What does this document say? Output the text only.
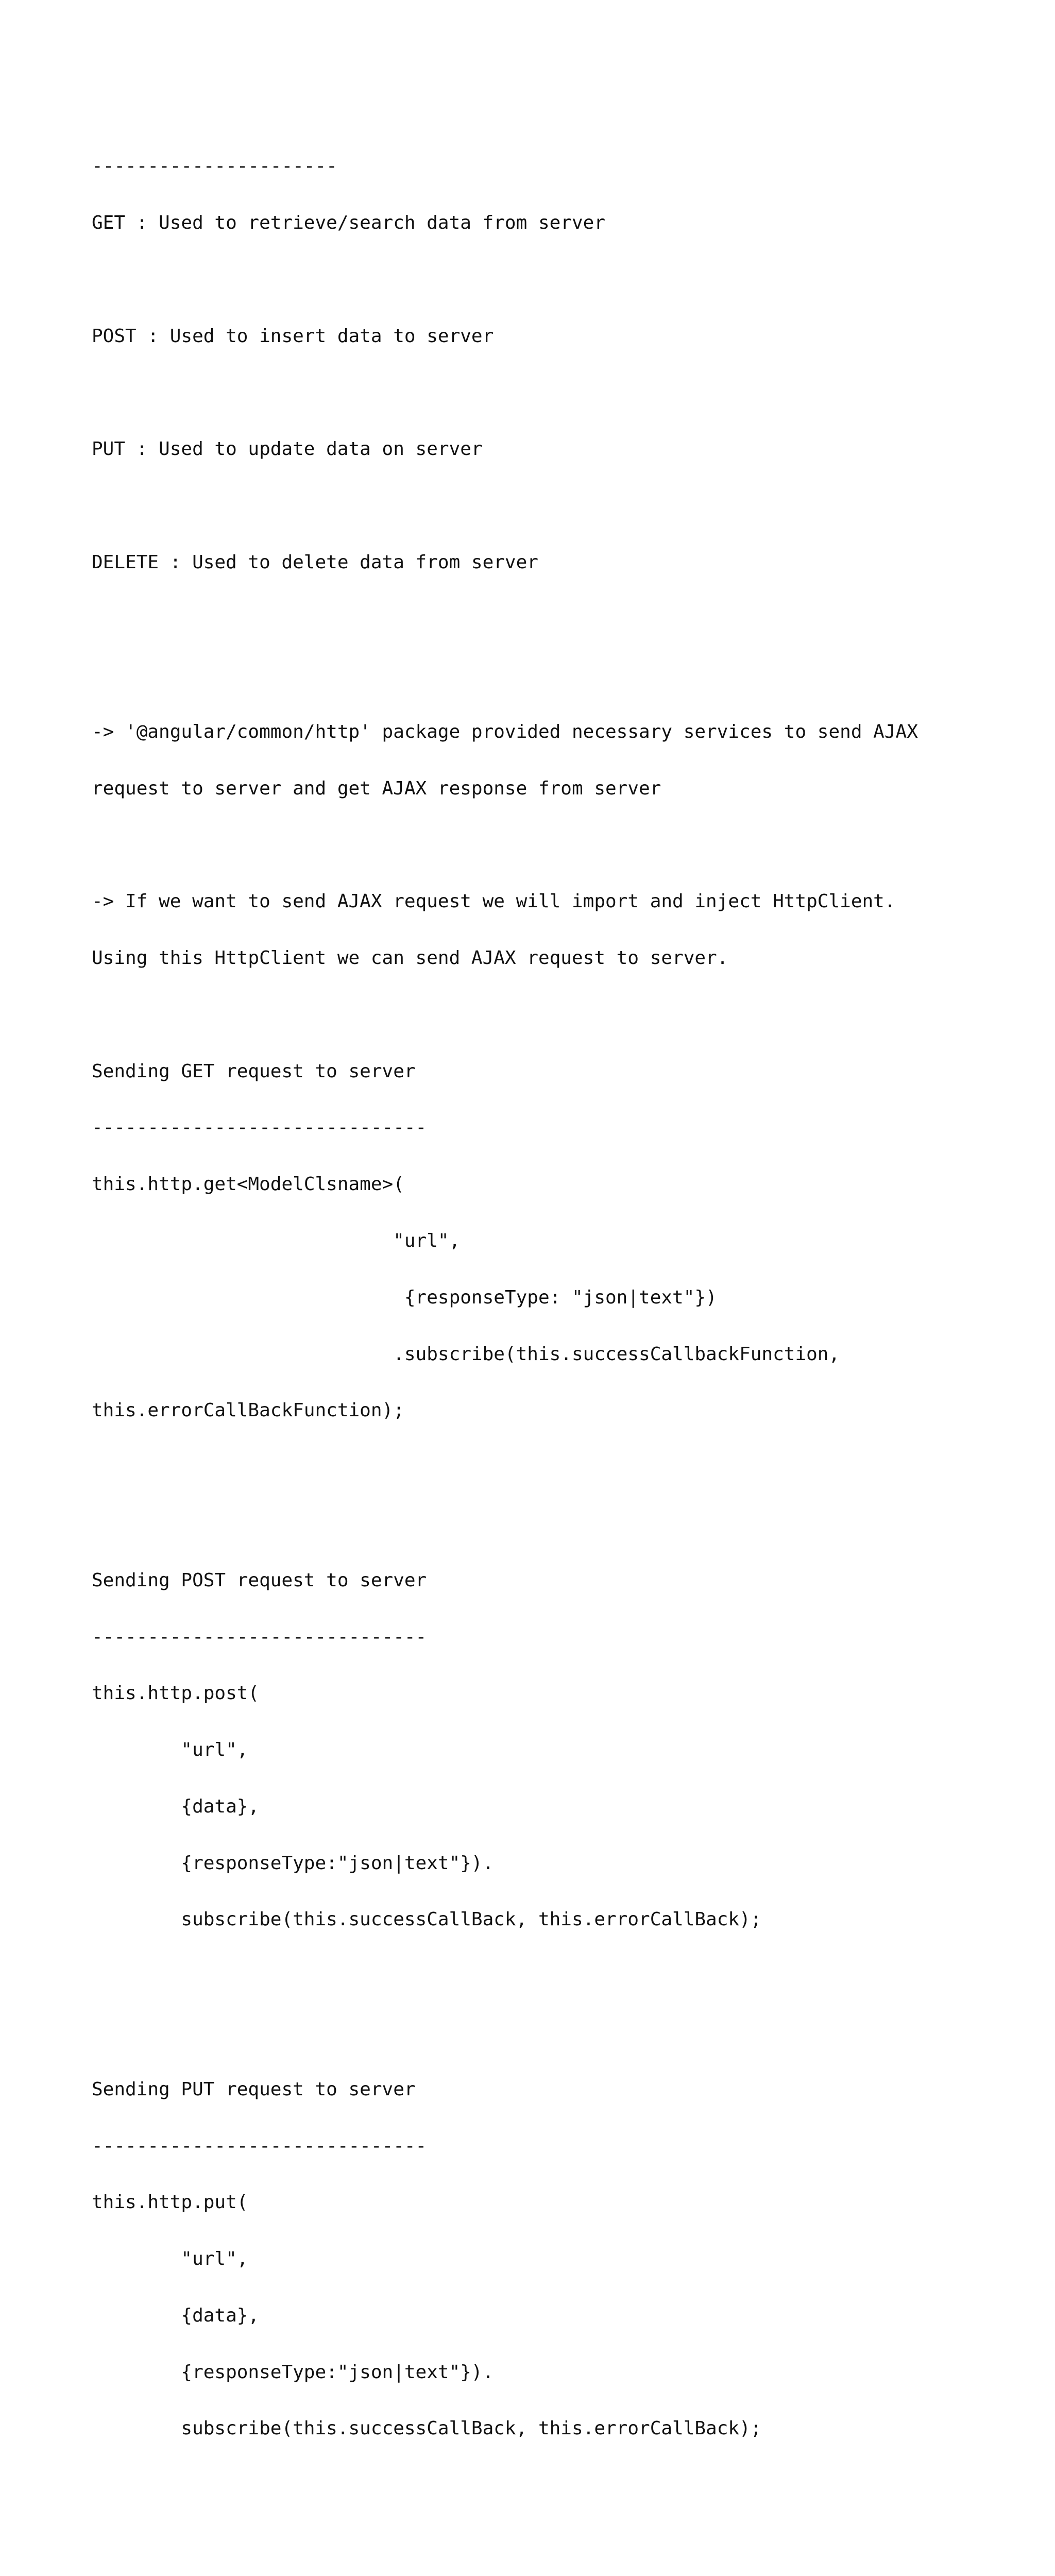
----------------------

GET : Used to retrieve/search data from server

POST : Used to insert data to server

PUT : Used to update data on server

DELETE : Used to delete data from server

-> '@angular/common/http' package provided necessary services to send AJAX

request to server and get AJAX response from server

-> If we want to send AJAX request we will import and inject HttpClient.

Using this HttpClient we can send AJAX request to server.

Sending GET request to server

------------------------------

this.http.get<ModelClsname>(

"url",

{responseType: "json|text"})

.subscribe(this.successCallbackFunction,

this.errorCallBackFunction);

Sending POST request to server

------------------------------

this.http.post(

"url",

{data},

{responseType:"json|text"}).

subscribe(this.successCallBack, this.errorCallBack);

Sending PUT request to server

------------------------------

this.http.put(

"url",

{data},

{responseType:"json|text"}).

subscribe(this.successCallBack, this.errorCallBack);
